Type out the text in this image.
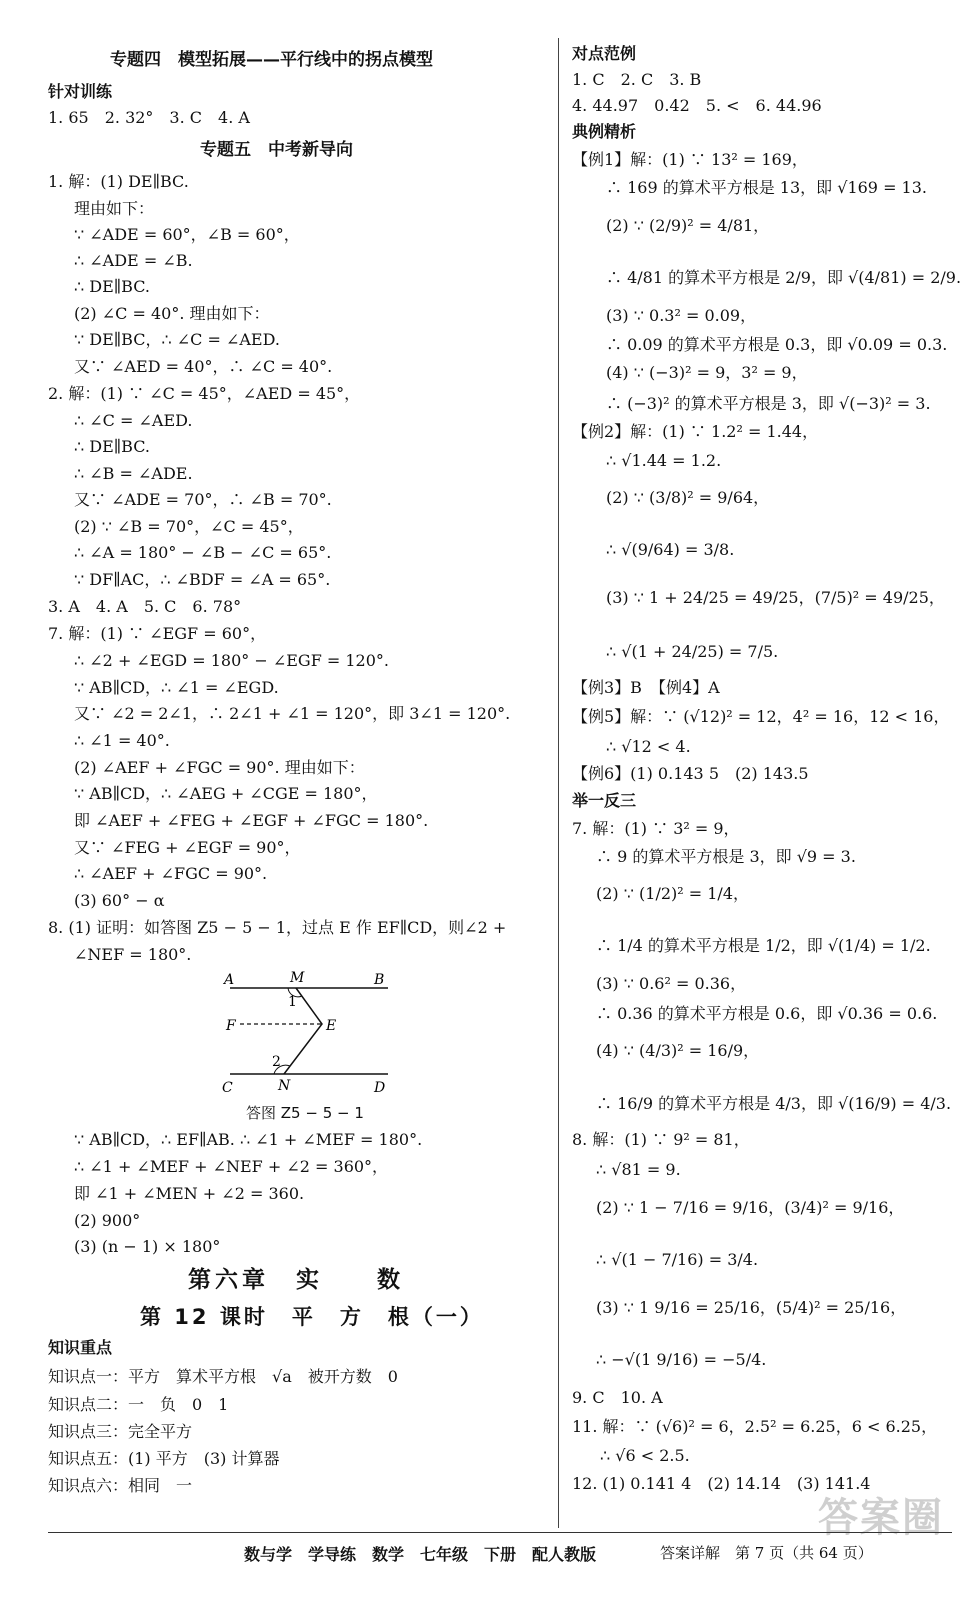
专题四　模型拓展——平行线中的拐点模型
针对训练
1. 65　2. 32°　3. C　4. A
专题五　中考新导向
1. 解：(1) DE∥BC.
理由如下：
∵ ∠ADE = 60°，∠B = 60°，
∴ ∠ADE = ∠B.
∴ DE∥BC.
(2) ∠C = 40°. 理由如下：
∵ DE∥BC，∴ ∠C = ∠AED.
又∵ ∠AED = 40°，∴ ∠C = 40°.
2. 解：(1) ∵ ∠C = 45°，∠AED = 45°，
∴ ∠C = ∠AED.
∴ DE∥BC.
∴ ∠B = ∠ADE.
又∵ ∠ADE = 70°，∴ ∠B = 70°.
(2) ∵ ∠B = 70°，∠C = 45°，
∴ ∠A = 180° − ∠B − ∠C = 65°.
∵ DF∥AC，∴ ∠BDF = ∠A = 65°.
3. A　4. A　5. C　6. 78°
7. 解：(1) ∵ ∠EGF = 60°，
∴ ∠2 + ∠EGD = 180° − ∠EGF = 120°.
∵ AB∥CD，∴ ∠1 = ∠EGD.
又∵ ∠2 = 2∠1，∴ 2∠1 + ∠1 = 120°，即 3∠1 = 120°.
∴ ∠1 = 40°.
(2) ∠AEF + ∠FGC = 90°. 理由如下：
∵ AB∥CD，∴ ∠AEG + ∠CGE = 180°，
即 ∠AEF + ∠FEG + ∠EGF + ∠FGC = 180°.
又∵ ∠FEG + ∠EGF = 90°，
∴ ∠AEF + ∠FGC = 90°.
(3) 60° − α
8. (1) 证明：如答图 Z5 − 5 − 1，过点 E 作 EF∥CD，则∠2 +
∠NEF = 180°.
∵ AB∥CD，∴ EF∥AB. ∴ ∠1 + ∠MEF = 180°.
∴ ∠1 + ∠MEF + ∠NEF + ∠2 = 360°，
即 ∠1 + ∠MEN + ∠2 = 360.
(2) 900°
(3) (n − 1) × 180°
第六章　实　　数
第 12 课时　平　方　根（一）
知识重点
知识点一：平方　算术平方根　√a　被开方数　0
知识点二：一　负　0　1
知识点三：完全平方
知识点五：(1) 平方　(3) 计算器
知识点六：相同　一
A	M	B
F	E
C	N	D
1
2
答图 Z5 − 5 − 1
对点范例
1. C　2. C　3. B
4. 44.97　0.42　5. <　6. 44.96
典例精析
【例1】解：(1) ∵ 13² = 169，
∴ 169 的算术平方根是 13，即 √169 = 13.
(2) ∵ (2/9)² = 4/81，
∴ 4/81 的算术平方根是 2/9，即 √(4/81) = 2/9.
(3) ∵ 0.3² = 0.09，
∴ 0.09 的算术平方根是 0.3，即 √0.09 = 0.3.
(4) ∵ (−3)² = 9，3² = 9，
∴ (−3)² 的算术平方根是 3，即 √(−3)² = 3.
【例2】解：(1) ∵ 1.2² = 1.44，
∴ √1.44 = 1.2.
(2) ∵ (3/8)² = 9/64，
∴ √(9/64) = 3/8.
(3) ∵ 1 + 24/25 = 49/25，(7/5)² = 49/25，
∴ √(1 + 24/25) = 7/5.
【例3】B　【例4】A
【例5】解：∵ (√12)² = 12，4² = 16，12 < 16，
∴ √12 < 4.
【例6】(1) 0.143 5　(2) 143.5
举一反三
7. 解：(1) ∵ 3² = 9，
∴ 9 的算术平方根是 3，即 √9 = 3.
(2) ∵ (1/2)² = 1/4，
∴ 1/4 的算术平方根是 1/2，即 √(1/4) = 1/2.
(3) ∵ 0.6² = 0.36，
∴ 0.36 的算术平方根是 0.6，即 √0.36 = 0.6.
(4) ∵ (4/3)² = 16/9，
∴ 16/9 的算术平方根是 4/3，即 √(16/9) = 4/3.
8. 解：(1) ∵ 9² = 81，
∴ √81 = 9.
(2) ∵ 1 − 7/16 = 9/16，(3/4)² = 9/16，
∴ √(1 − 7/16) = 3/4.
(3) ∵ 1 9/16 = 25/16，(5/4)² = 25/16，
∴ −√(1 9/16) = −5/4.
9. C　10. A
11. 解：∵ (√6)² = 6，2.5² = 6.25，6 < 6.25，
∴ √6 < 2.5.
12. (1) 0.141 4　(2) 14.14　(3) 141.4
答案圈
数与学　学导练　数学　七年级　下册　配人教版	答案详解　第 7 页（共 64 页）
